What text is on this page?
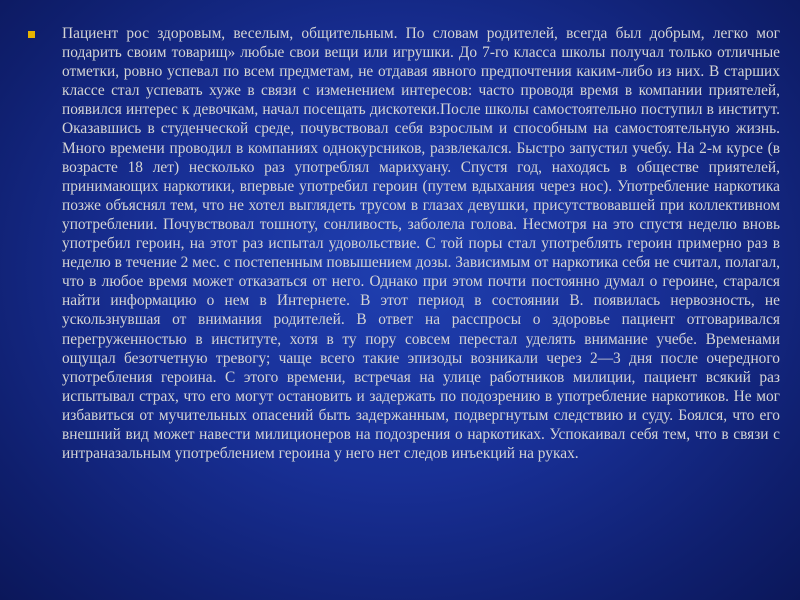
Пациент рос здоровым, веселым, общительным. По словам родителей, всегда был добрым, легко мог подарить своим товарищ» любые свои вещи или игрушки. До 7-го класса школы получал только отличные отметки, ровно успевал по всем предметам, не отдавая явного предпочтения каким-либо из них. В старших классе стал успевать хуже в связи с изменением интересов: часто проводя время в компании приятелей, появился интерес к девочкам, начал посещать дискотеки.После школы самостоятельно поступил в институт. Оказавшись в студенческой среде, почувствовал себя взрослым и способным на самостоятельную жизнь. Много времени проводил в компаниях однокурсников, развлекался. Быстро запустил учебу. На 2-м курсе (в возрасте 18 лет) несколько раз употреблял марихуану. Спустя год, находясь в обществе приятелей, принимающих наркотики, впервые употребил героин (путем вдыхания через нос). Употребление наркотика позже объяснял тем, что не хотел выглядеть трусом в глазах девушки, присутствовавшей при коллективном употреблении. Почувствовал тошноту, сонливость, заболела голова. Несмотря на это спустя неделю вновь употребил героин, на этот раз испытал удовольствие. С той поры стал употреблять героин примерно раз в неделю в течение 2 мес. с постепенным повышением дозы. Зависимым от наркотика себя не считал, полагал, что в любое время может отказаться от него. Однако при этом почти постоянно думал о героине, старался найти информацию о нем в Интернете. В этот период в состоянии В. появилась нервозность, не ускользнувшая от внимания родителей. В ответ на расспросы о здоровье пациент отговаривался перегруженностью в институте, хотя в ту пору совсем перестал уделять внимание учебе. Временами ощущал безотчетную тревогу; чаще всего такие эпизоды возникали через 2—3 дня после очередного употребления героина. С этого времени, встречая на улице работников милиции, пациент всякий раз испытывал страх, что его могут остановить и задержать по подозрению в употребление наркотиков. Не мог избавиться от мучительных опасений быть задержанным, подвергнутым следствию и суду. Боялся, что его внешний вид может навести милиционеров на подозрения о наркотиках. Успокаивал себя тем, что в связи с интраназальным употреблением героина у него нет следов инъекций на руках.
